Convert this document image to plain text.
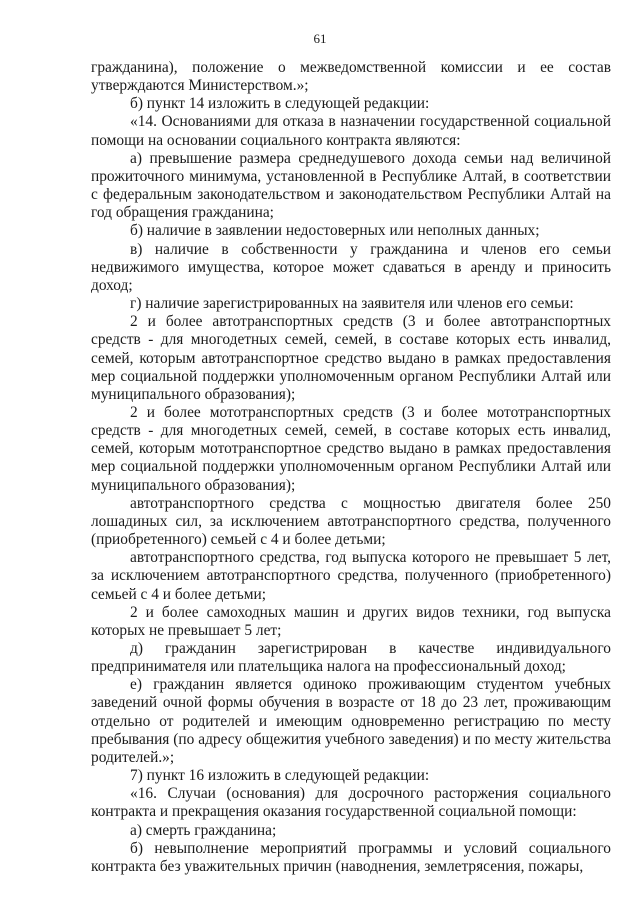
61

гражданина), положение о межведомственной комиссии и ее состав утверждаются Министерством.»;

б) пункт 14 изложить в следующей редакции:

«14. Основаниями для отказа в назначении государственной социальной помощи на основании социального контракта являются:

а) превышение размера среднедушевого дохода семьи над величиной прожиточного минимума, установленной в Республике Алтай, в соответствии с федеральным законодательством и законодательством Республики Алтай на год обращения гражданина;

б) наличие в заявлении недостоверных или неполных данных;

в) наличие в собственности у гражданина и членов его семьи недвижимого имущества, которое может сдаваться в аренду и приносить доход;

г) наличие зарегистрированных на заявителя или членов его семьи:

2 и более автотранспортных средств (3 и более автотранспортных средств - для многодетных семей, семей, в составе которых есть инвалид, семей, которым автотранспортное средство выдано в рамках предоставления мер социальной поддержки уполномоченным органом Республики Алтай или муниципального образования);

2 и более мототранспортных средств (3 и более мототранспортных средств - для многодетных семей, семей, в составе которых есть инвалид, семей, которым мототранспортное средство выдано в рамках предоставления мер социальной поддержки уполномоченным органом Республики Алтай или муниципального образования);

автотранспортного средства с мощностью двигателя более 250 лошадиных сил, за исключением автотранспортного средства, полученного (приобретенного) семьей с 4 и более детьми;

автотранспортного средства, год выпуска которого не превышает 5 лет, за исключением автотранспортного средства, полученного (приобретенного) семьей с 4 и более детьми;

2 и более самоходных машин и других видов техники, год выпуска которых не превышает 5 лет;

д) гражданин зарегистрирован в качестве индивидуального предпринимателя или плательщика налога на профессиональный доход;

е) гражданин является одиноко проживающим студентом учебных заведений очной формы обучения в возрасте от 18 до 23 лет, проживающим отдельно от родителей и имеющим одновременно регистрацию по месту пребывания (по адресу общежития учебного заведения) и по месту жительства родителей.»;

7) пункт 16 изложить в следующей редакции:

«16. Случаи (основания) для досрочного расторжения социального контракта и прекращения оказания государственной социальной помощи:

а) смерть гражданина;

б) невыполнение мероприятий программы и условий социального контракта без уважительных причин (наводнения, землетрясения, пожары,
